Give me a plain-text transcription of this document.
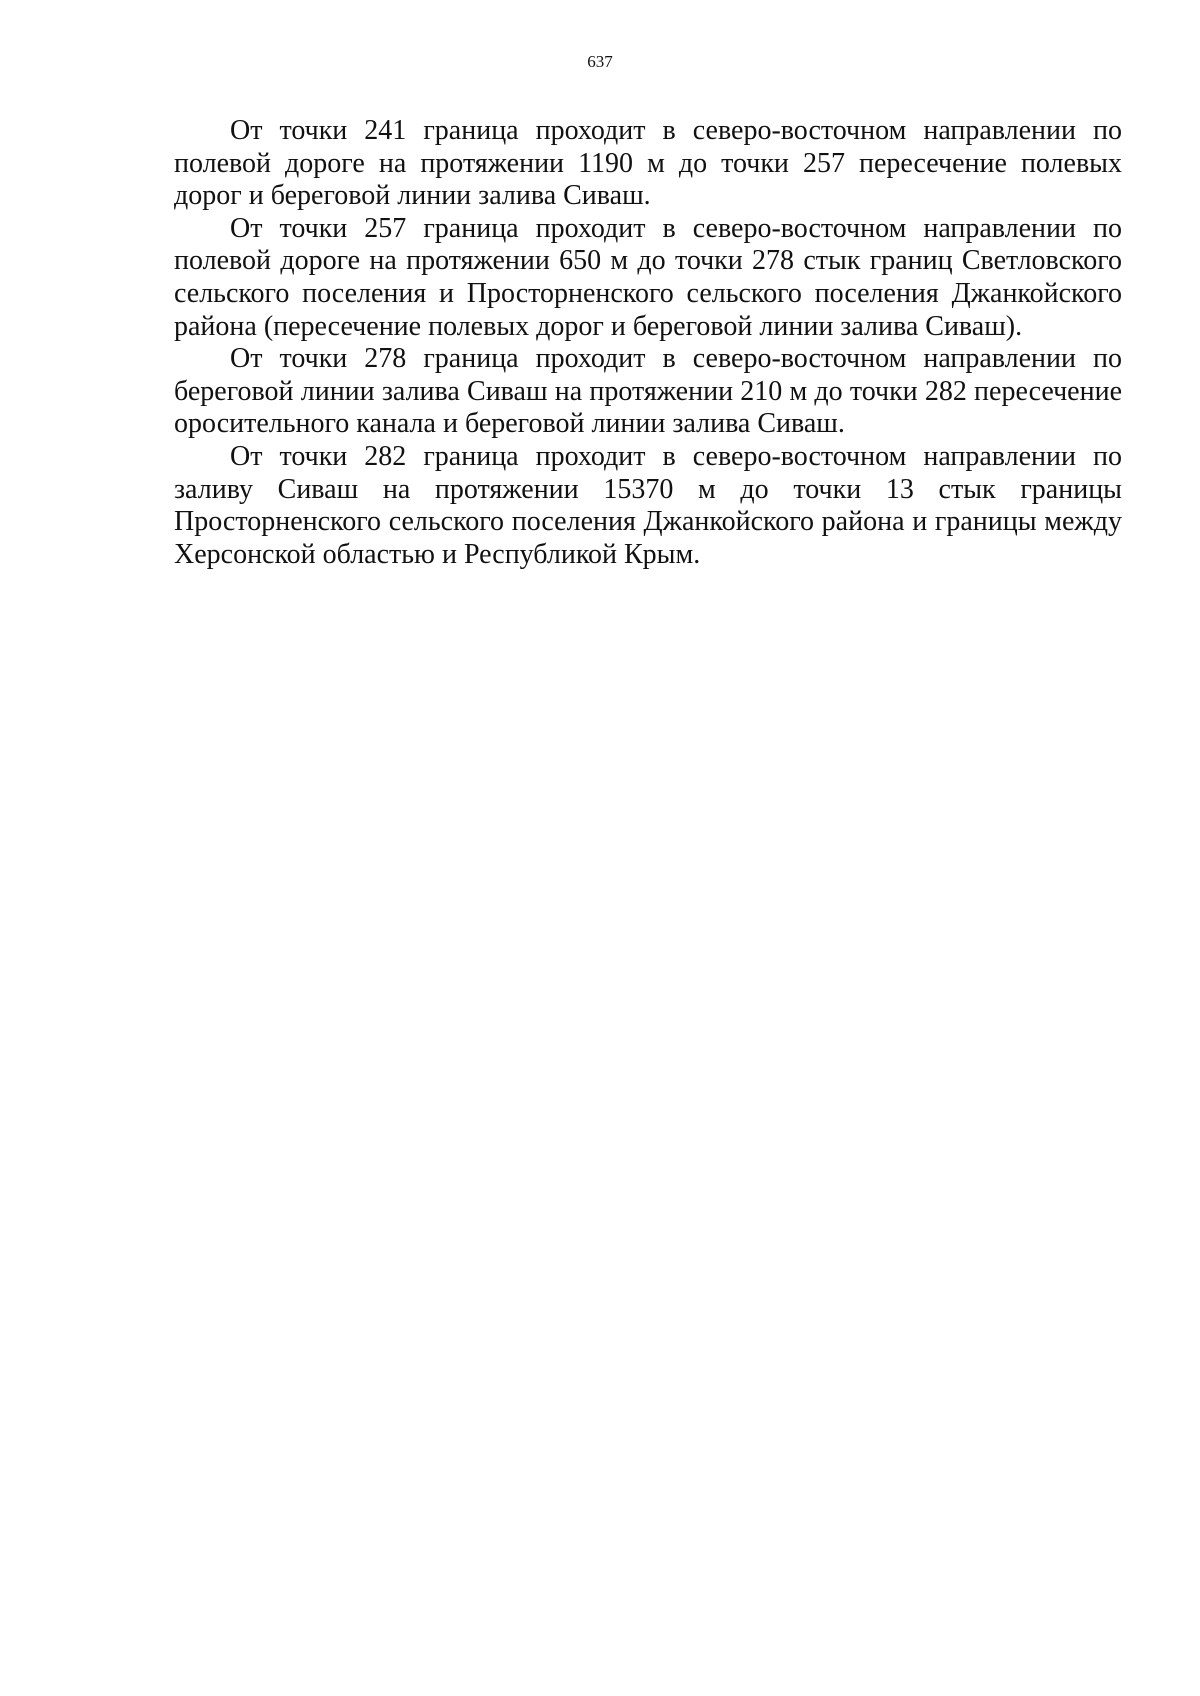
637

От точки 241 граница проходит в северо-восточном направлении по полевой дороге на протяжении 1190 м до точки 257 пересечение полевых дорог и береговой линии залива Сиваш.

От точки 257 граница проходит в северо-восточном направлении по полевой дороге на протяжении 650 м до точки 278 стык границ Светловского сельского поселения и Просторненского сельского поселения Джанкойского района (пересечение полевых дорог и береговой линии залива Сиваш).

От точки 278 граница проходит в северо-восточном направлении по береговой линии залива Сиваш на протяжении 210 м до точки 282 пересечение оросительного канала и береговой линии залива Сиваш.

От точки 282 граница проходит в северо-восточном направлении по заливу Сиваш на протяжении 15370 м до точки 13 стык границы Просторненского сельского поселения Джанкойского района и границы между Херсонской областью и Республикой Крым.
